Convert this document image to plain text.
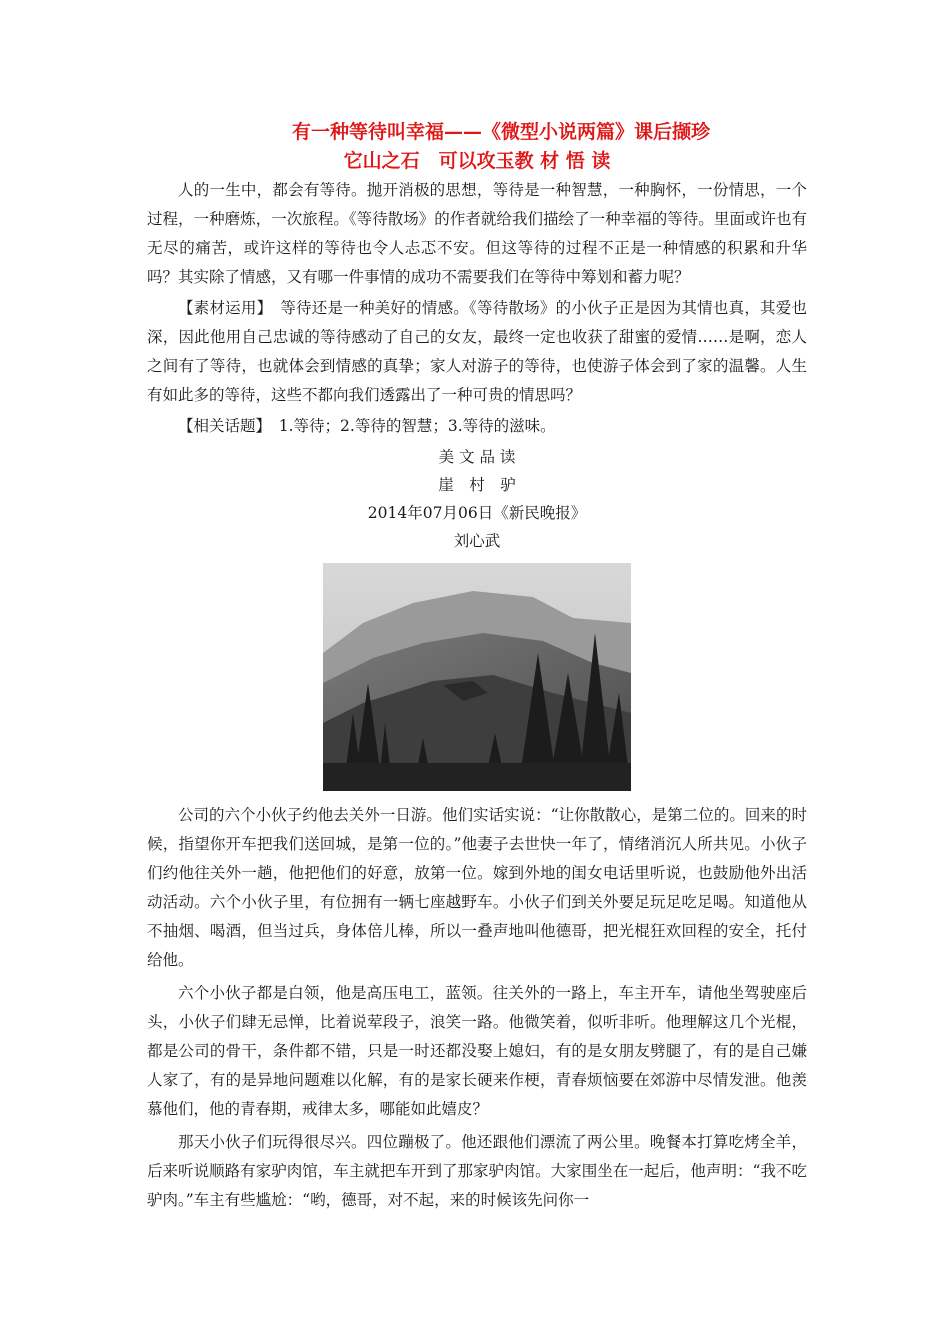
有一种等待叫幸福——《微型小说两篇》课后撷珍

它山之石　可以攻玉教 材 悟 读

人的一生中，都会有等待。抛开消极的思想，等待是一种智慧，一种胸怀，一份情思，一个过程，一种磨炼，一次旅程。《等待散场》的作者就给我们描绘了一种幸福的等待。里面或许也有无尽的痛苦，或许这样的等待也令人忐忑不安。但这等待的过程不正是一种情感的积累和升华吗？其实除了情感，又有哪一件事情的成功不需要我们在等待中筹划和蓄力呢？

【素材运用】　等待还是一种美好的情感。《等待散场》的小伙子正是因为其情也真，其爱也深，因此他用自己忠诚的等待感动了自己的女友，最终一定也收获了甜蜜的爱情……是啊，恋人之间有了等待，也就体会到情感的真挚；家人对游子的等待，也使游子体会到了家的温馨。人生有如此多的等待，这些不都向我们透露出了一种可贵的情思吗？

【相关话题】　1.等待；2.等待的智慧；3.等待的滋味。

美 文 品 读

崖　村　驴

2014年07月06日《新民晚报》

刘心武

公司的六个小伙子约他去关外一日游。他们实话实说：“让你散散心，是第二位的。回来的时候，指望你开车把我们送回城，是第一位的。”他妻子去世快一年了，情绪消沉人所共见。小伙子们约他往关外一趟，他把他们的好意，放第一位。嫁到外地的闺女电话里听说，也鼓励他外出活动活动。六个小伙子里，有位拥有一辆七座越野车。小伙子们到关外要足玩足吃足喝。知道他从不抽烟、喝酒，但当过兵，身体倍儿棒，所以一叠声地叫他德哥，把光棍狂欢回程的安全，托付给他。

六个小伙子都是白领，他是高压电工，蓝领。往关外的一路上，车主开车，请他坐驾驶座后头，小伙子们肆无忌惮，比着说荤段子，浪笑一路。他微笑着，似听非听。他理解这几个光棍，都是公司的骨干，条件都不错，只是一时还都没娶上媳妇，有的是女朋友劈腿了，有的是自己嫌人家了，有的是异地问题难以化解，有的是家长硬来作梗，青春烦恼要在郊游中尽情发泄。他羡慕他们，他的青春期，戒律太多，哪能如此嬉皮？

那天小伙子们玩得很尽兴。四位蹦极了。他还跟他们漂流了两公里。晚餐本打算吃烤全羊，后来听说顺路有家驴肉馆，车主就把车开到了那家驴肉馆。大家围坐在一起后，他声明：“我不吃驴肉。”车主有些尴尬：“哟，德哥，对不起，来的时候该先问你一
